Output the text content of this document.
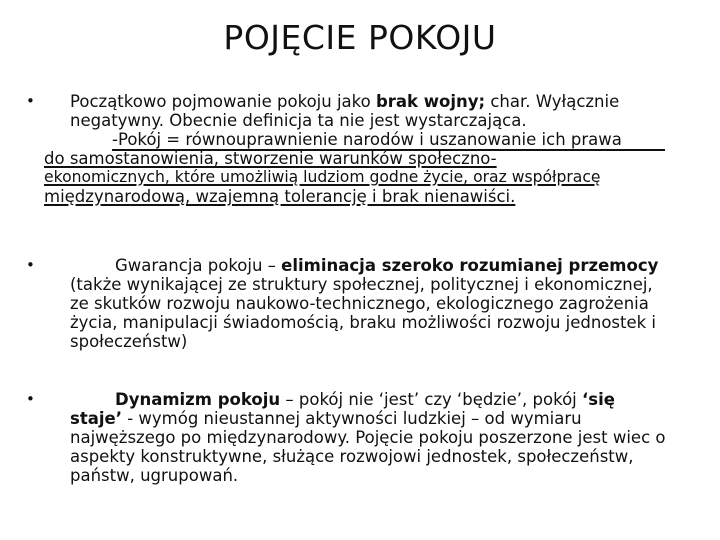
POJĘCIE POKOJU
• Początkowo pojmowanie pokoju jako brak wojny; char. Wyłącznie
negatywny. Obecnie definicja ta nie jest wystarczająca.
-Pokój = równouprawnienie narodów i uszanowanie ich prawa
do samostanowienia, stworzenie warunków społeczno-
ekonomicznych, które umożliwią ludziom godne życie, oraz współpracę
międzynarodową, wzajemną tolerancję i brak nienawiści.
•	Gwarancja pokoju – eliminacja szeroko rozumianej przemocy (także wynikającej ze struktury społecznej, politycznej i ekonomicznej, ze skutków rozwoju naukowo-technicznego, ekologicznego zagrożenia życia, manipulacji świadomością, braku możliwości rozwoju jednostek i społeczeństw)
•	Dynamizm pokoju – pokój nie ‘jest’ czy ‘będzie’, pokój ‘się staje’ - wymóg nieustannej aktywności ludzkiej – od wymiaru najwęższego po międzynarodowy. Pojęcie pokoju poszerzone jest wiec o aspekty konstruktywne, służące rozwojowi jednostek, społeczeństw, państw, ugrupowań.
